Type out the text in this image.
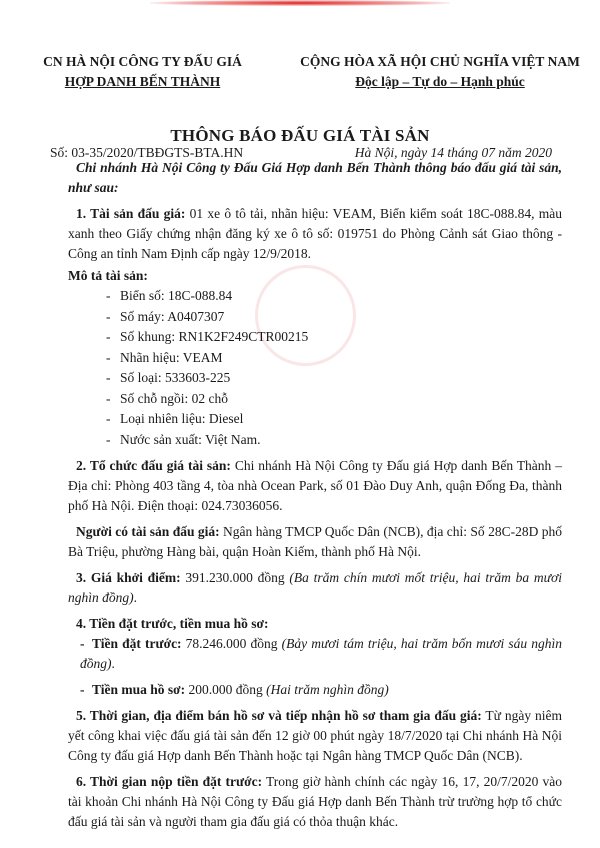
CN HÀ NỘI CÔNG TY ĐẤU GIÁ
HỢP DANH BẾN THÀNH
Số: 03-35/2020/TBĐGTS-BTA.HN
CỘNG HÒA XÃ HỘI CHỦ NGHĨA VIỆT NAM
Độc lập – Tự do – Hạnh phúc
Hà Nội, ngày 14 tháng 07 năm 2020
THÔNG BÁO ĐẤU GIÁ TÀI SẢN

Chi nhánh Hà Nội Công ty Đấu Giá Hợp danh Bến Thành thông báo đấu giá tài sản, như sau:

1. Tài sản đấu giá: 01 xe ô tô tải, nhãn hiệu: VEAM, Biển kiểm soát 18C-088.84, màu xanh theo Giấy chứng nhận đăng ký xe ô tô số: 019751 do Phòng Cảnh sát Giao thông - Công an tỉnh Nam Định cấp ngày 12/9/2018.

Mô tả tài sản:

- Biển số: 18C-088.84
- Số máy: A0407307
- Số khung: RN1K2F249CTR00215
- Nhãn hiệu: VEAM
- Số loại: 533603-225
- Số chỗ ngồi: 02 chỗ
- Loại nhiên liệu: Diesel
- Nước sản xuất: Việt Nam.

2. Tổ chức đấu giá tài sản: Chi nhánh Hà Nội Công ty Đấu giá Hợp danh Bến Thành – Địa chỉ: Phòng 403 tầng 4, tòa nhà Ocean Park, số 01 Đào Duy Anh, quận Đống Đa, thành phố Hà Nội. Điện thoại: 024.73036056.

Người có tài sản đấu giá: Ngân hàng TMCP Quốc Dân (NCB), địa chỉ: Số 28C-28D phố Bà Triệu, phường Hàng bài, quận Hoàn Kiếm, thành phố Hà Nội.

3. Giá khởi điểm: 391.230.000 đồng (Ba trăm chín mươi mốt triệu, hai trăm ba mươi nghìn đồng).

4. Tiền đặt trước, tiền mua hồ sơ:

- Tiền đặt trước: 78.246.000 đồng (Bảy mươi tám triệu, hai trăm bốn mươi sáu nghìn đồng).

- Tiền mua hồ sơ: 200.000 đồng (Hai trăm nghìn đồng)

5. Thời gian, địa điểm bán hồ sơ và tiếp nhận hồ sơ tham gia đấu giá: Từ ngày niêm yết công khai việc đấu giá tài sản đến 12 giờ 00 phút ngày 18/7/2020 tại Chi nhánh Hà Nội Công ty đấu giá Hợp danh Bến Thành hoặc tại Ngân hàng TMCP Quốc Dân (NCB).

6. Thời gian nộp tiền đặt trước: Trong giờ hành chính các ngày 16, 17, 20/7/2020 vào tài khoản Chi nhánh Hà Nội Công ty Đấu giá Hợp danh Bến Thành trừ trường hợp tổ chức đấu giá tài sản và người tham gia đấu giá có thỏa thuận khác.
